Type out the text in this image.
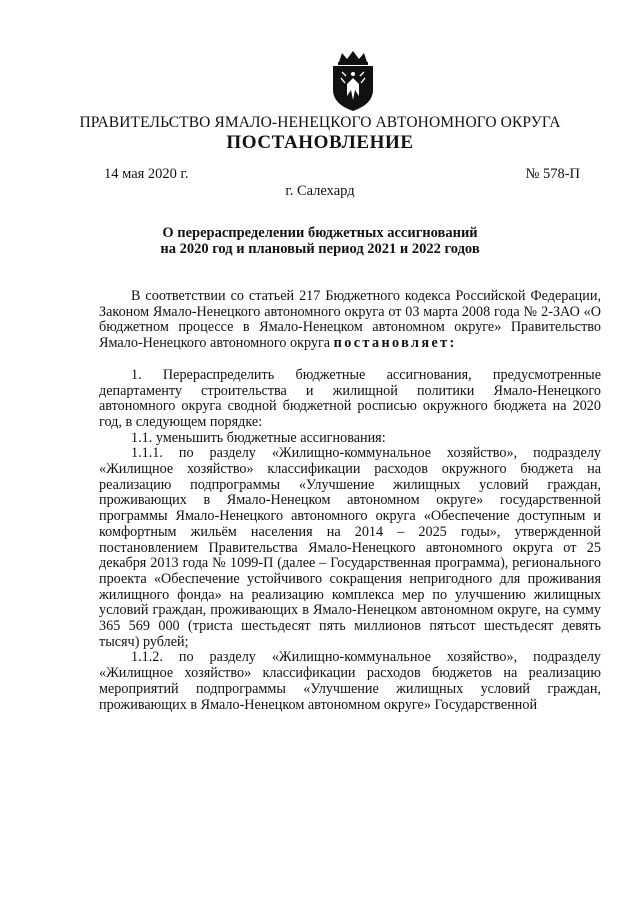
ПРАВИТЕЛЬСТВО ЯМАЛО-НЕНЕЦКОГО АВТОНОМНОГО ОКРУГА
ПОСТАНОВЛЕНИЕ
14 мая 2020 г.	№ 578-П
г. Салехард
О перераспределении бюджетных ассигнований
на 2020 год и плановый период 2021 и 2022 годов

В соответствии со статьей 217 Бюджетного кодекса Российской Федерации, Законом Ямало-Ненецкого автономного округа от 03 марта 2008 года № 2-ЗАО «О бюджетном процессе в Ямало-Ненецком автономном округе» Правительство Ямало-Ненецкого автономного округа постановляет:

1. Перераспределить бюджетные ассигнования, предусмотренные департаменту строительства и жилищной политики Ямало-Ненецкого автономного округа сводной бюджетной росписью окружного бюджета на 2020 год, в следующем порядке:

1.1. уменьшить бюджетные ассигнования:

1.1.1. по разделу «Жилищно-коммунальное хозяйство», подразделу «Жилищное хозяйство» классификации расходов окружного бюджета на реализацию подпрограммы «Улучшение жилищных условий граждан, проживающих в Ямало-Ненецком автономном округе» государственной программы Ямало-Ненецкого автономного округа «Обеспечение доступным и комфортным жильём населения на 2014 – 2025 годы», утвержденной постановлением Правительства Ямало-Ненецкого автономного округа от 25 декабря 2013 года № 1099-П (далее – Государственная программа), регионального проекта «Обеспечение устойчивого сокращения непригодного для проживания жилищного фонда» на реализацию комплекса мер по улучшению жилищных условий граждан, проживающих в Ямало-Ненецком автономном округе, на сумму 365 569 000 (триста шестьдесят пять миллионов пятьсот шестьдесят девять тысяч) рублей;

1.1.2. по разделу «Жилищно-коммунальное хозяйство», подразделу «Жилищное хозяйство» классификации расходов бюджетов на реализацию мероприятий подпрограммы «Улучшение жилищных условий граждан, проживающих в Ямало-Ненецком автономном округе» Государственной
